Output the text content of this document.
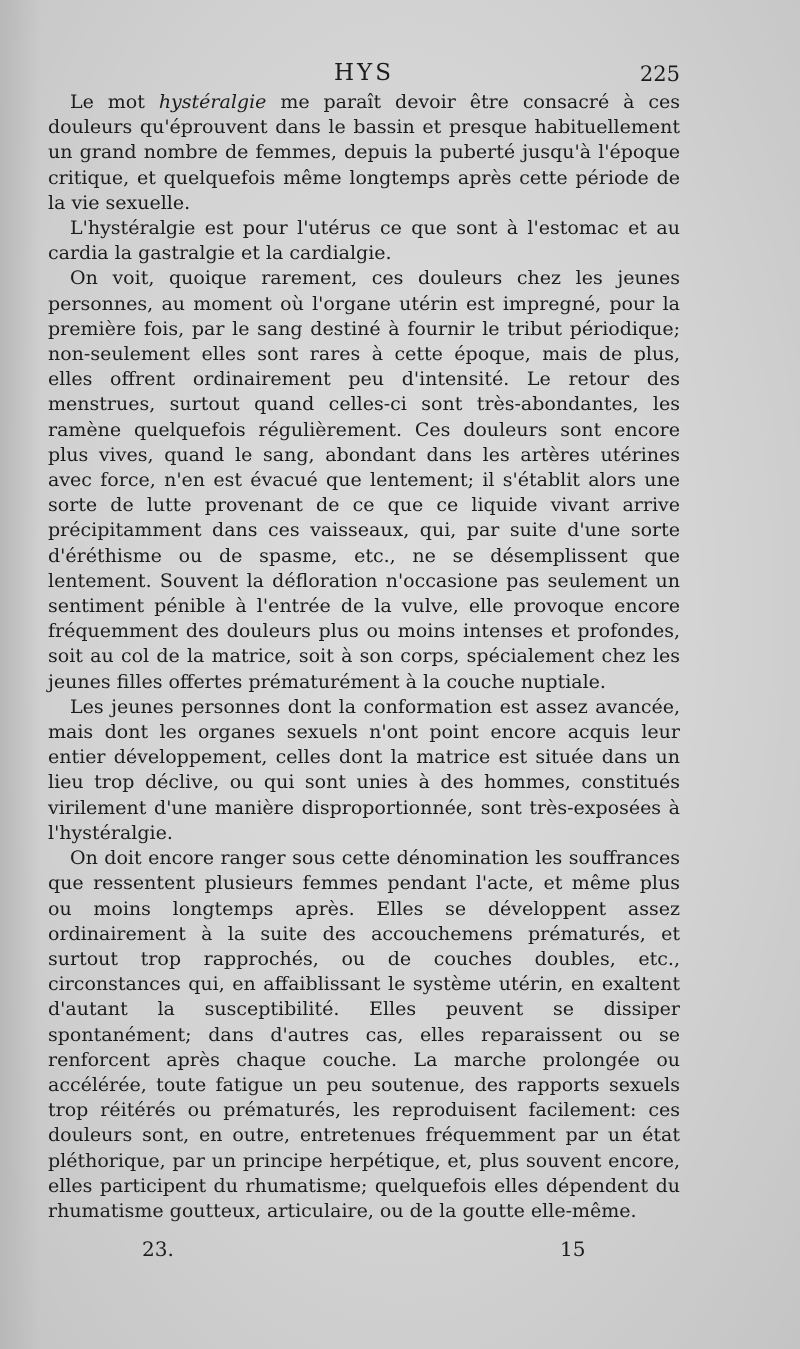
HYS	225

Le mot hystéralgie me paraît devoir être consacré à ces douleurs qu'éprouvent dans le bassin et presque habituellement un grand nombre de femmes, depuis la puberté jusqu'à l'époque critique, et quelquefois même longtemps après cette période de la vie sexuelle.

L'hystéralgie est pour l'utérus ce que sont à l'estomac et au cardia la gastralgie et la cardialgie.

On voit, quoique rarement, ces douleurs chez les jeunes personnes, au moment où l'organe utérin est impregné, pour la première fois, par le sang destiné à fournir le tribut périodique; non-seulement elles sont rares à cette époque, mais de plus, elles offrent ordinairement peu d'intensité. Le retour des menstrues, surtout quand celles-ci sont très-abondantes, les ramène quelquefois régulièrement. Ces douleurs sont encore plus vives, quand le sang, abondant dans les artères utérines avec force, n'en est évacué que lentement; il s'établit alors une sorte de lutte provenant de ce que ce liquide vivant arrive précipitamment dans ces vaisseaux, qui, par suite d'une sorte d'éréthisme ou de spasme, etc., ne se désemplissent que lentement. Souvent la défloration n'occasione pas seulement un sentiment pénible à l'entrée de la vulve, elle provoque encore fréquemment des douleurs plus ou moins intenses et profondes, soit au col de la matrice, soit à son corps, spécialement chez les jeunes filles offertes prématurément à la couche nuptiale.

Les jeunes personnes dont la conformation est assez avancée, mais dont les organes sexuels n'ont point encore acquis leur entier développement, celles dont la matrice est située dans un lieu trop déclive, ou qui sont unies à des hommes, constitués virilement d'une manière disproportionnée, sont très-exposées à l'hystéralgie.

On doit encore ranger sous cette dénomination les souffrances que ressentent plusieurs femmes pendant l'acte, et même plus ou moins longtemps après. Elles se développent assez ordinairement à la suite des accouchemens prématurés, et surtout trop rapprochés, ou de couches doubles, etc., circonstances qui, en affaiblissant le système utérin, en exaltent d'autant la susceptibilité. Elles peuvent se dissiper spontanément; dans d'autres cas, elles reparaissent ou se renforcent après chaque couche. La marche prolongée ou accélérée, toute fatigue un peu soutenue, des rapports sexuels trop réitérés ou prématurés, les reproduisent facilement: ces douleurs sont, en outre, entretenues fréquemment par un état pléthorique, par un principe herpétique, et, plus souvent encore, elles participent du rhumatisme; quelquefois elles dépendent du rhumatisme goutteux, articulaire, ou de la goutte elle-même.

23.	15
